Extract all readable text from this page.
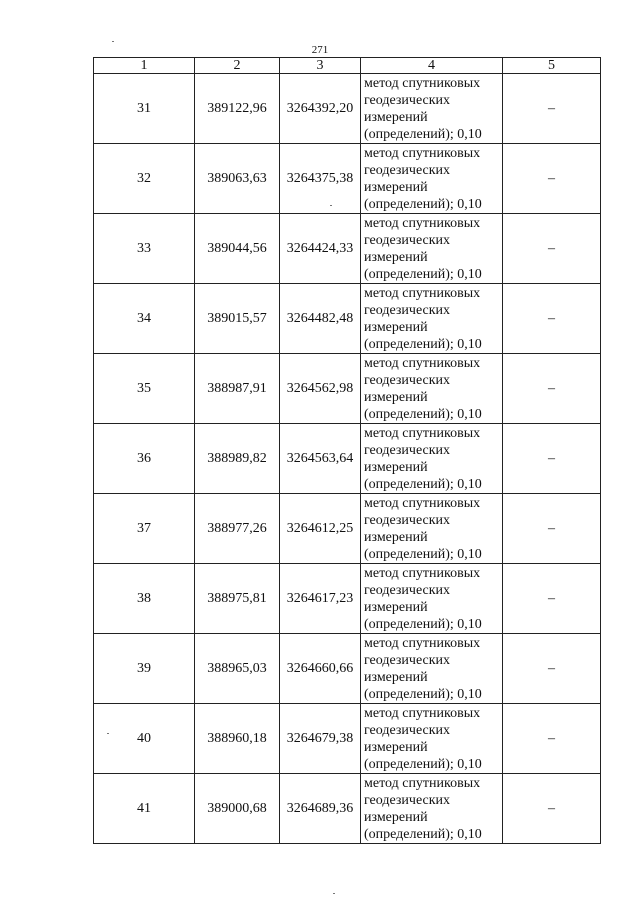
271
1	2	3	4	5
31	389122,96	3264392,20	метод спутниковых
геодезических
измерений
(определений); 0,10	–
32	389063,63	3264375,38	метод спутниковых
геодезических
измерений
(определений); 0,10	–
33	389044,56	3264424,33	метод спутниковых
геодезических
измерений
(определений); 0,10	–
34	389015,57	3264482,48	метод спутниковых
геодезических
измерений
(определений); 0,10	–
35	388987,91	3264562,98	метод спутниковых
геодезических
измерений
(определений); 0,10	–
36	388989,82	3264563,64	метод спутниковых
геодезических
измерений
(определений); 0,10	–
37	388977,26	3264612,25	метод спутниковых
геодезических
измерений
(определений); 0,10	–
38	388975,81	3264617,23	метод спутниковых
геодезических
измерений
(определений); 0,10	–
39	388965,03	3264660,66	метод спутниковых
геодезических
измерений
(определений); 0,10	–
40	388960,18	3264679,38	метод спутниковых
геодезических
измерений
(определений); 0,10	–
41	389000,68	3264689,36	метод спутниковых
геодезических
измерений
(определений); 0,10	–
